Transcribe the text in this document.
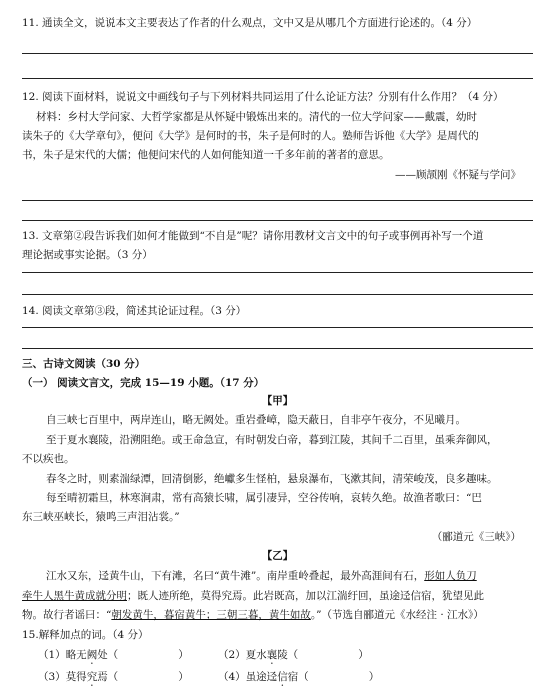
11. 通读全文，说说本文主要表达了作者的什么观点，文中又是从哪几个方面进行论述的。（4 分）
12. 阅读下面材料，说说文中画线句子与下列材料共同运用了什么论证方法？分别有什么作用？（4 分）
材料：乡村大学问家、大哲学家都是从怀疑中锻炼出来的。清代的一位大学问家——戴震，幼时
读朱子的《大学章句》，便问《大学》是何时的书，朱子是何时的人。塾师告诉他《大学》是周代的
书，朱子是宋代的大儒；他便问宋代的人如何能知道一千多年前的著者的意思。
——顾颉刚《怀疑与学问》
13. 文章第②段告诉我们如何才能做到“不自是”呢？请你用教材文言文中的句子或事例再补写一个道
理论据或事实论据。（3 分）
14. 阅读文章第③段，简述其论证过程。（3 分）
三、古诗文阅读（30 分）
（一） 阅读文言文，完成 15—19 小题。（17 分）
【甲】
自三峡七百里中，两岸连山，略无阙处。重岩叠嶂，隐天蔽日，自非亭午夜分，不见曦月。
至于夏水襄陵，沿溯阻绝。或王命急宣，有时朝发白帝，暮到江陵，其间千二百里，虽乘奔御风，
不以疾也。
春冬之时，则素湍绿潭，回清倒影，绝巘多生怪柏，悬泉瀑布，飞漱其间，清荣峻茂，良多趣味。
每至晴初霜旦，林寒涧肃，常有高猿长啸，属引凄异，空谷传响，哀转久绝。故渔者歌曰：“巴
东三峡巫峡长，猿鸣三声泪沾裳。”
（郦道元《三峡》）
【乙】
江水又东，迳黄牛山，下有滩，名曰“黄牛滩”。南岸重岭叠起，最外高涯间有石，形如人负刀
牵牛人黑牛黄成就分明；既人迹所绝，莫得究焉。此岩既高，加以江湍纡回，虽途迳信宿，犹望见此
物。故行者谣曰：“朝发黄牛，暮宿黄牛；三朝三暮，黄牛如故。”（节选自郦道元《水经注 · 江水》）
15.解释加点的词。（4 分）
（1）略无阙处（	）	（2）夏水襄陵（	）
（3）莫得究焉（	）	（4）虽途迳信宿（	）
